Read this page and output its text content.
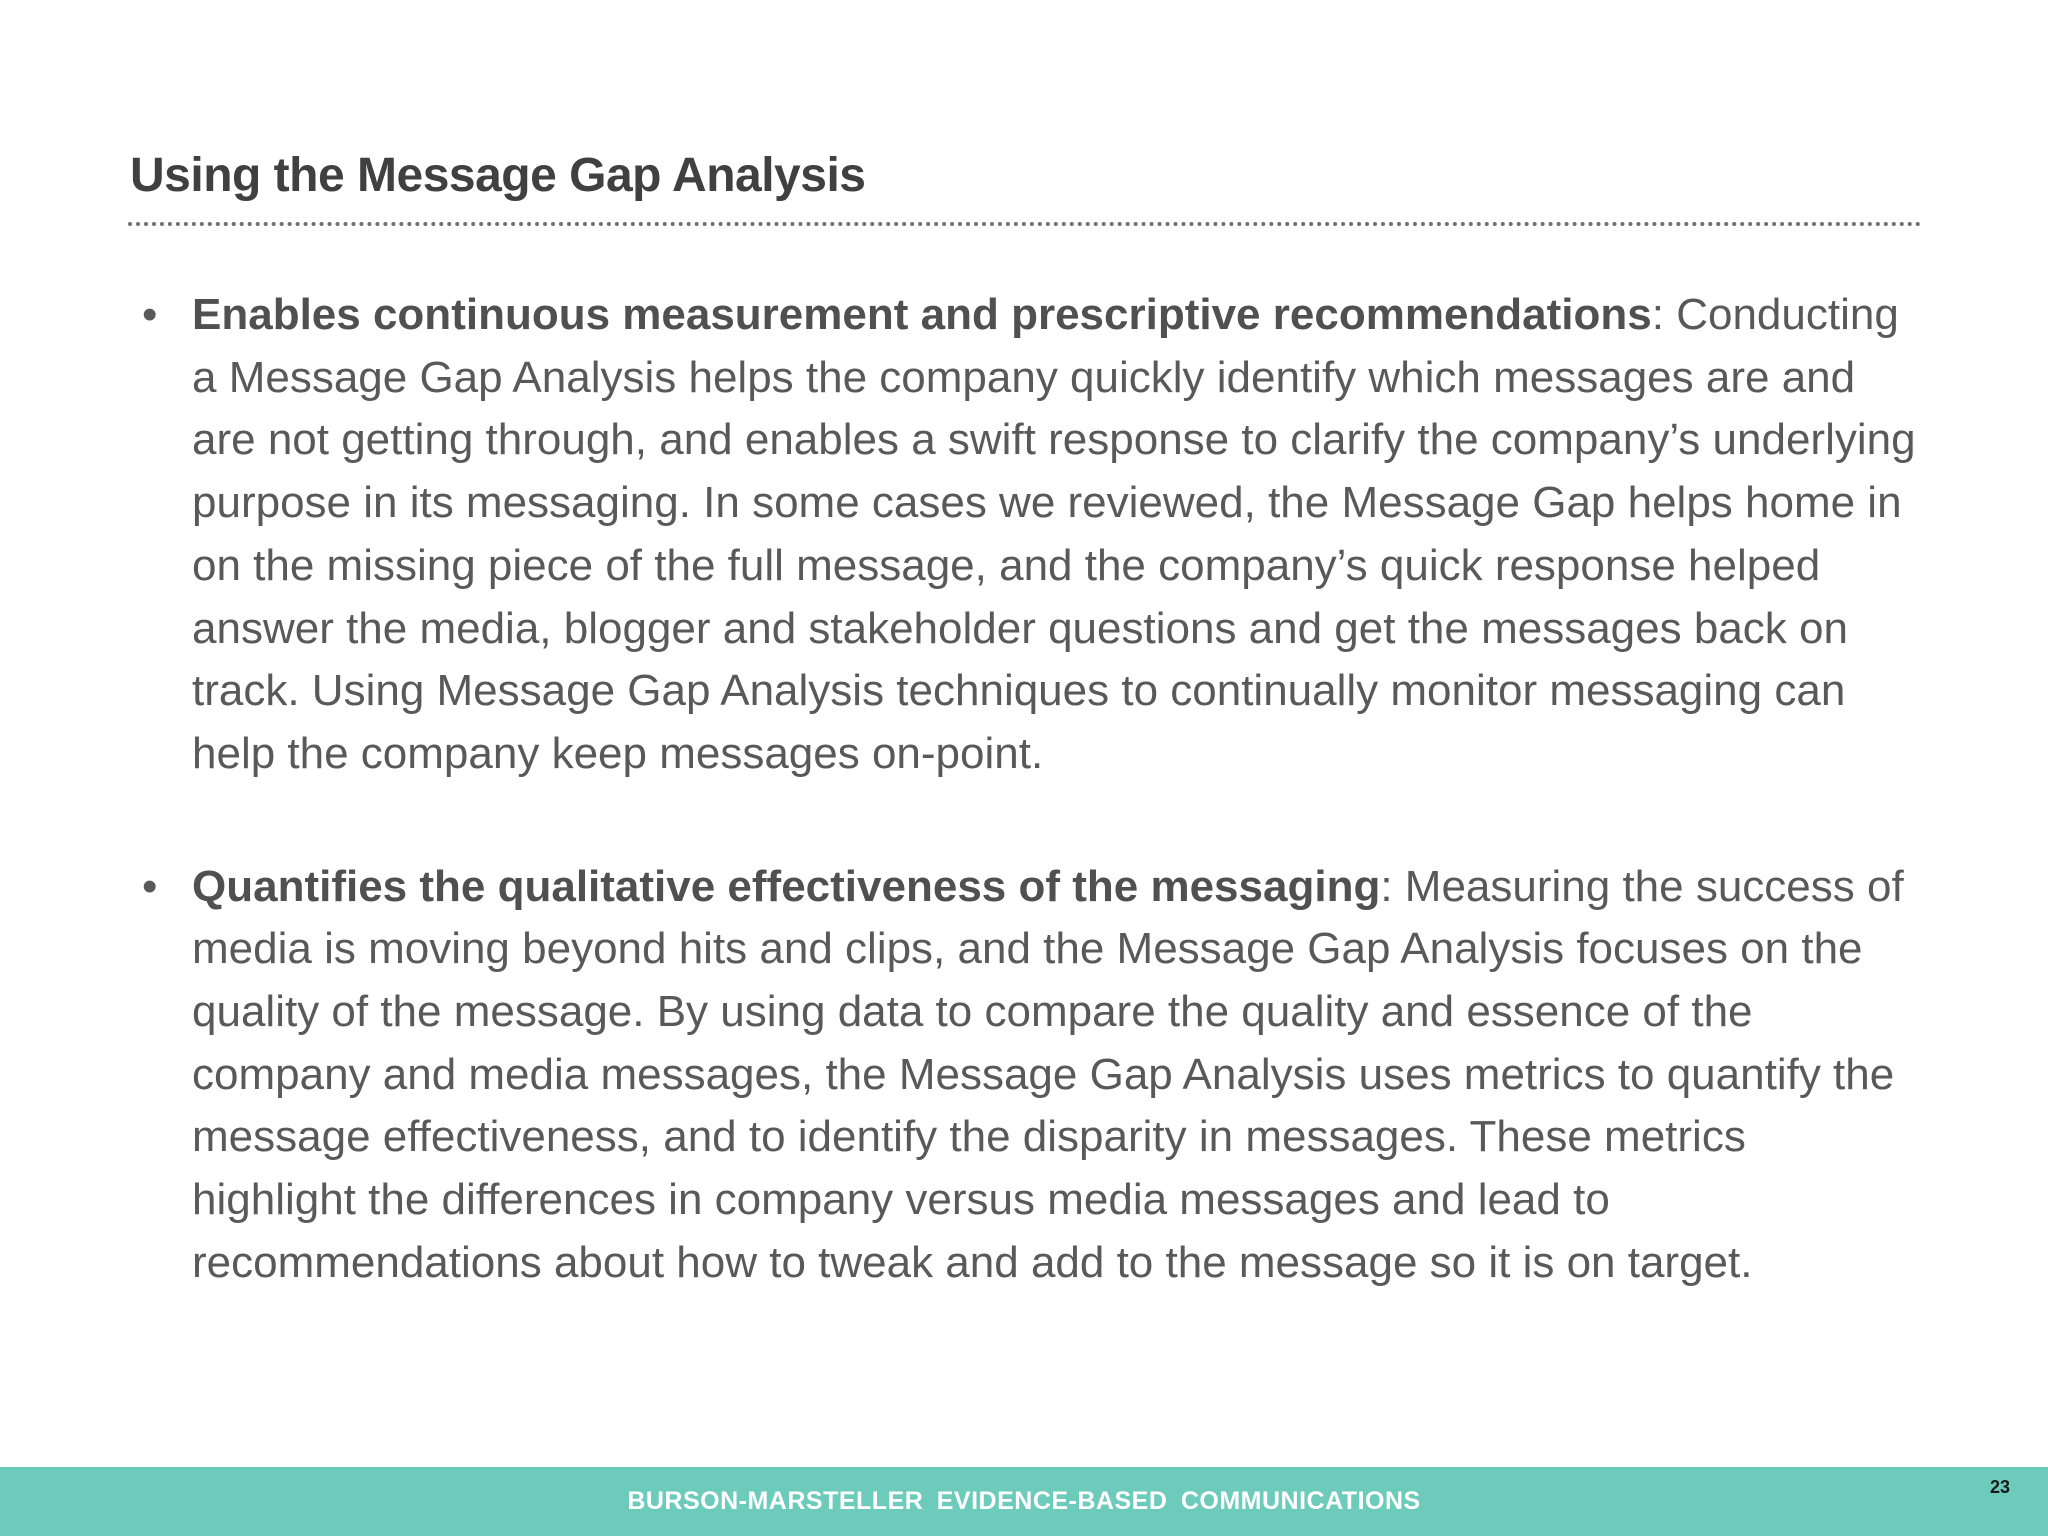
Using the Message Gap Analysis
• Enables continuous measurement and prescriptive recommendations: Conducting a Message Gap Analysis helps the company quickly identify which messages are and are not getting through, and enables a swift response to clarify the company’s underlying purpose in its messaging. In some cases we reviewed, the Message Gap helps home in on the missing piece of the full message, and the company’s quick response helped answer the media, blogger and stakeholder questions and get the messages back on track. Using Message Gap Analysis techniques to continually monitor messaging can help the company keep messages on-point.
• Quantifies the qualitative effectiveness of the messaging: Measuring the success of media is moving beyond hits and clips, and the Message Gap Analysis focuses on the quality of the message. By using data to compare the quality and essence of the company and media messages, the Message Gap Analysis uses metrics to quantify the message effectiveness, and to identify the disparity in messages. These metrics highlight the differences in company versus media messages and lead to recommendations about how to tweak and add to the message so it is on target.
BURSON-MARSTELLER EVIDENCE-BASED COMMUNICATIONS	23
